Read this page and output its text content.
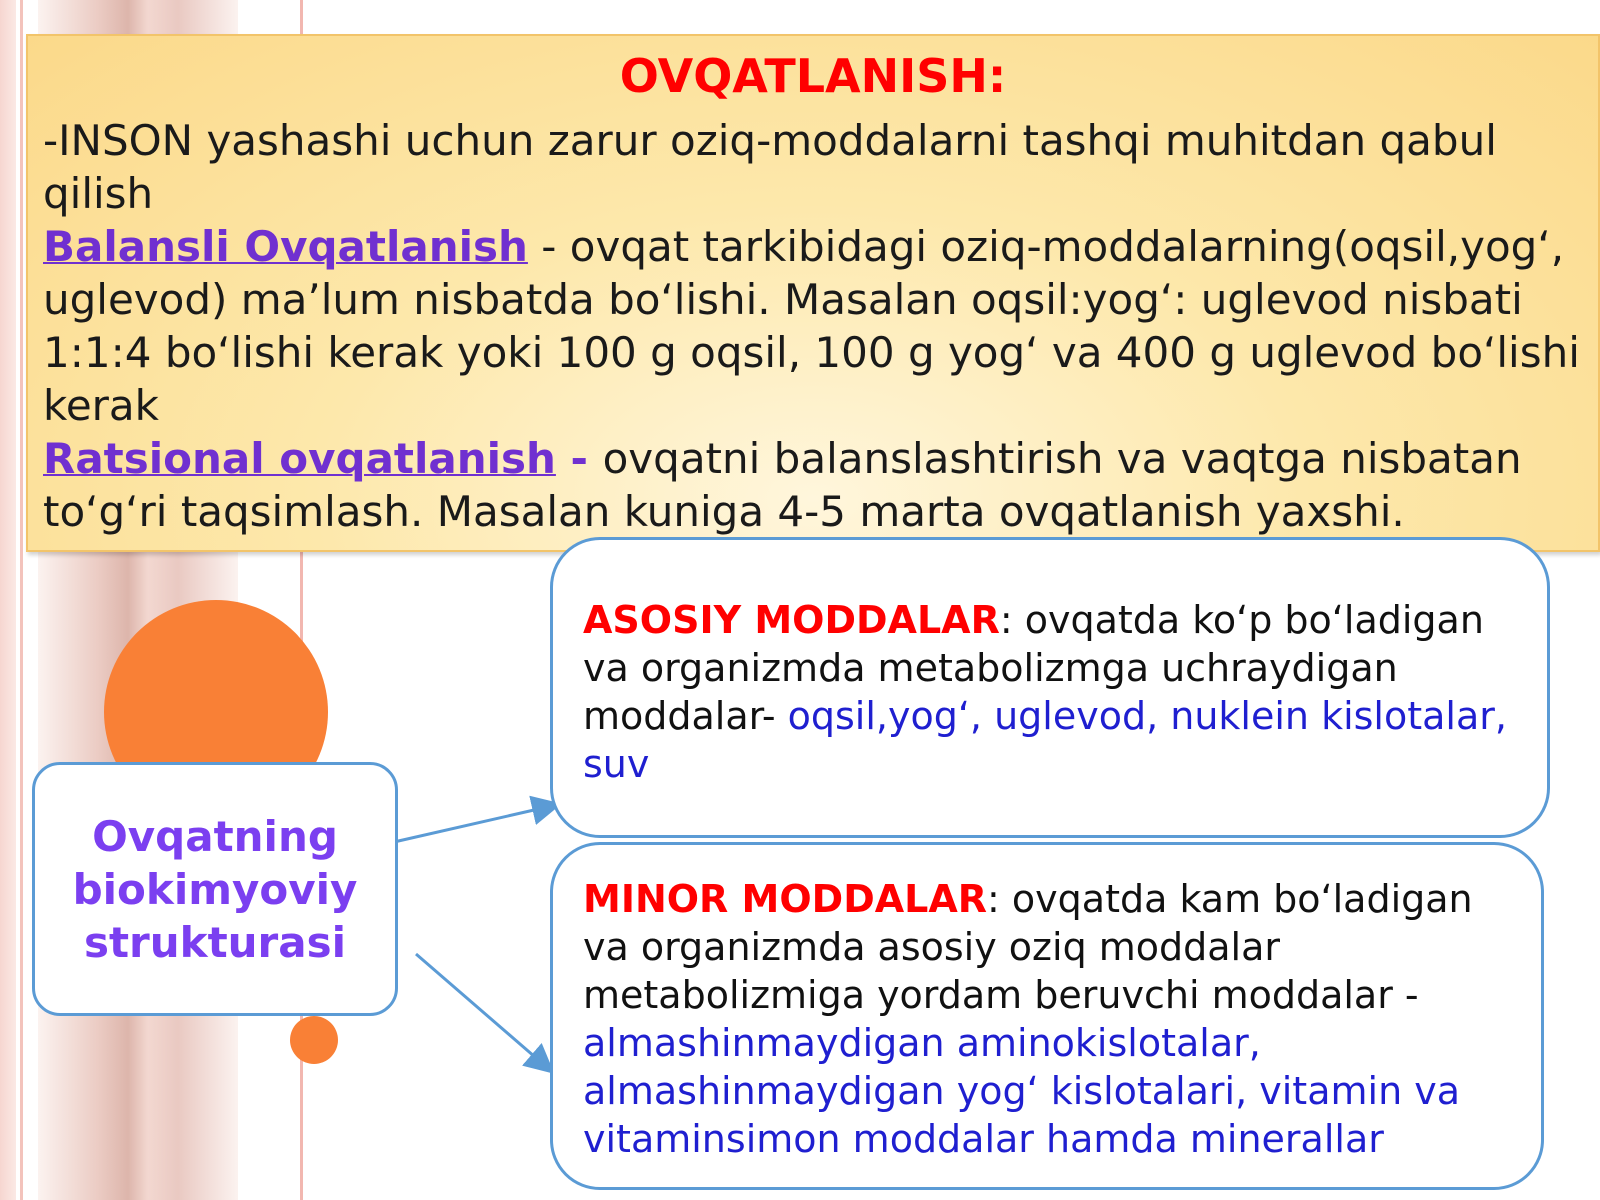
OVQATLANISH:
-INSON yashashi uchun zarur oziq-moddalarni tashqi muhitdan qabul qilish
Balansli Ovqatlanish - ovqat tarkibidagi oziq-moddalarning(oqsil,yog‘, uglevod) ma’lum nisbatda bo‘lishi. Masalan oqsil:yog‘: uglevod nisbati 1:1:4 bo‘lishi kerak yoki 100 g oqsil, 100 g yog‘ va 400 g uglevod bo‘lishi kerak
Ratsional ovqatlanish - ovqatni balanslashtirish va vaqtga nisbatan to‘g‘ri taqsimlash. Masalan kuniga 4-5 marta ovqatlanish yaxshi.
Ovqatning
biokimyoviy
strukturasi
ASOSIY MODDALAR: ovqatda ko‘p bo‘ladigan va organizmda metabolizmga uchraydigan moddalar- oqsil,yog‘, uglevod, nuklein kislotalar, suv
MINOR MODDALAR: ovqatda kam bo‘ladigan va organizmda asosiy oziq moddalar metabolizmiga yordam beruvchi moddalar -almashinmaydigan aminokislotalar, almashinmaydigan yog‘ kislotalari, vitamin va vitaminsimon moddalar hamda minerallar
